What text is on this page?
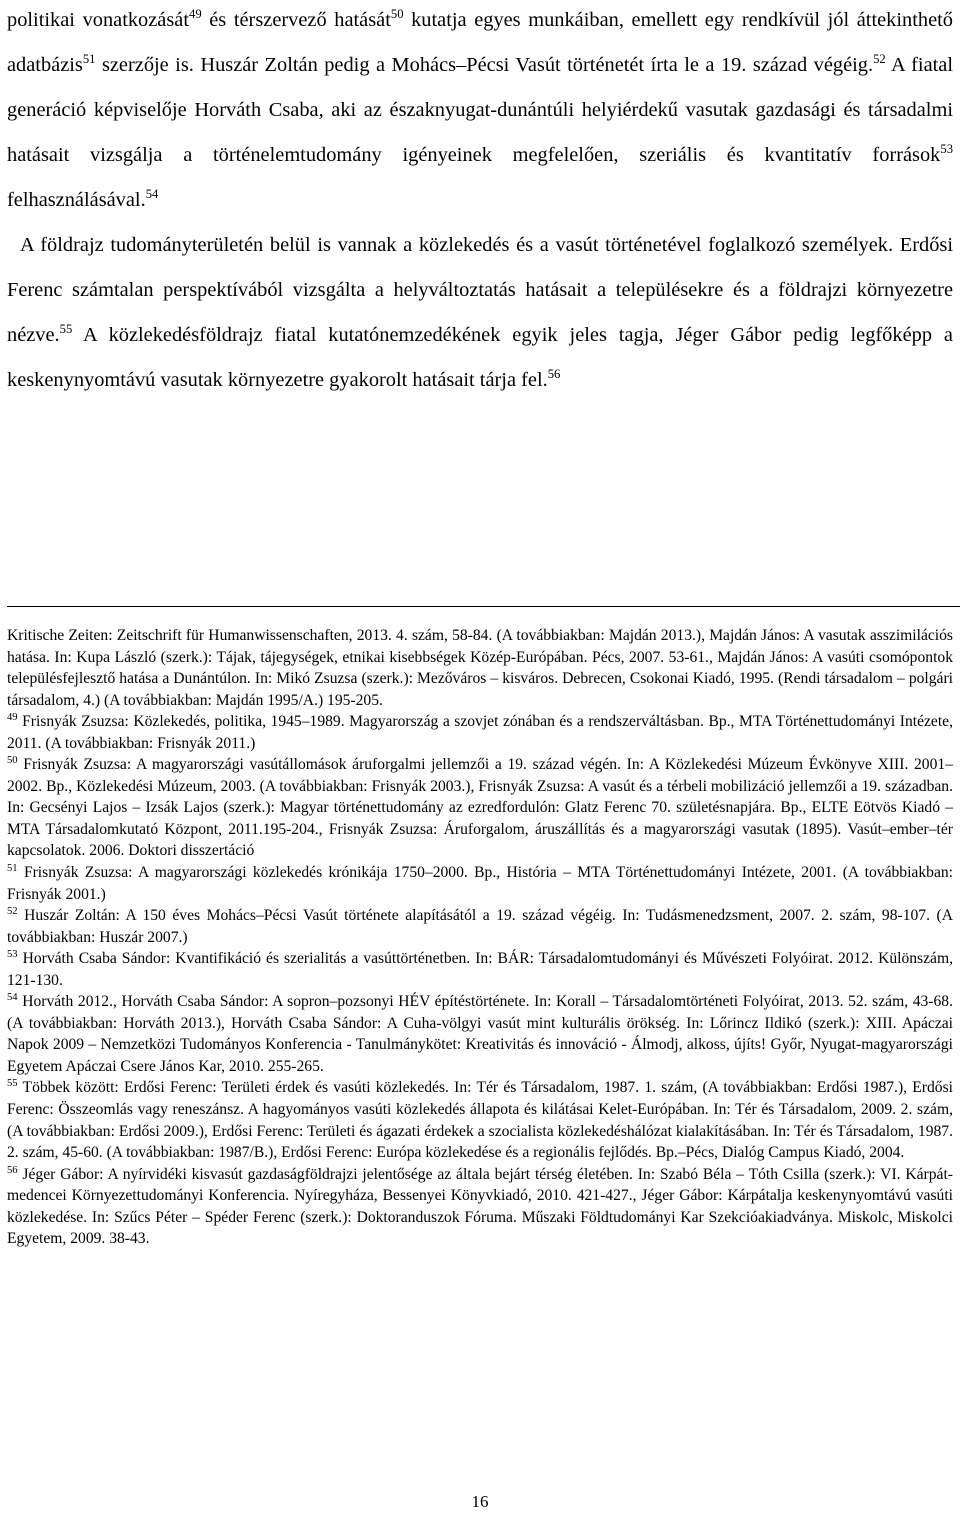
politikai vonatkozását$^{49}$ és térszervező hatását$^{50}$ kutatja egyes munkáiban, emellett egy rendkívül jól áttekinthető adatbázis$^{51}$ szerzője is. Huszár Zoltán pedig a Mohács–Pécsi Vasút történetét írta le a 19. század végéig.$^{52}$ A fiatal generáció képviselője Horváth Csaba, aki az északnyugat-dunántúli helyiérdekű vasutak gazdasági és társadalmi hatásait vizsgálja a történelemtudomány igényeinek megfelelően, szeriális és kvantitatív források$^{53}$ felhasználásával.$^{54}$

A földrajz tudományterületén belül is vannak a közlekedés és a vasút történetével foglalkozó személyek. Erdősi Ferenc számtalan perspektívából vizsgálta a helyváltoztatás hatásait a településekre és a földrajzi környezetre nézve.$^{55}$ A közlekedésföldrajz fiatal kutatónemzedékének egyik jeles tagja, Jéger Gábor pedig legfőképp a keskenynyomtávú vasutak környezetre gyakorolt hatásait tárja fel.$^{56}$

Kritische Zeiten: Zeitschrift für Humanwissenschaften, 2013. 4. szám, 58-84. (A továbbiakban: Majdán 2013.), Majdán János: A vasutak asszimilációs hatása. In: Kupa László (szerk.): Tájak, tájegységek, etnikai kisebbségek Közép-Európában. Pécs, 2007. 53-61., Majdán János: A vasúti csomópontok településfejlesztő hatása a Dunántúlon. In: Mikó Zsuzsa (szerk.): Mezőváros – kisváros. Debrecen, Csokonai Kiadó, 1995. (Rendi társadalom – polgári társadalom, 4.) (A továbbiakban: Majdán 1995/A.) 195-205.

$^{49}$ Frisnyák Zsuzsa: Közlekedés, politika, 1945–1989. Magyarország a szovjet zónában és a rendszerváltásban. Bp., MTA Történettudományi Intézete, 2011. (A továbbiakban: Frisnyák 2011.)

$^{50}$ Frisnyák Zsuzsa: A magyarországi vasútállomások áruforgalmi jellemzői a 19. század végén. In: A Közlekedési Múzeum Évkönyve XIII. 2001–2002. Bp., Közlekedési Múzeum, 2003. (A továbbiakban: Frisnyák 2003.), Frisnyák Zsuzsa: A vasút és a térbeli mobilizáció jellemzői a 19. században. In: Gecsényi Lajos – Izsák Lajos (szerk.): Magyar történettudomány az ezredfordulón: Glatz Ferenc 70. születésnapjára. Bp., ELTE Eötvös Kiadó – MTA Társadalomkutató Központ, 2011.195-204., Frisnyák Zsuzsa: Áruforgalom, áruszállítás és a magyarországi vasutak (1895). Vasút–ember–tér kapcsolatok. 2006. Doktori disszertáció

$^{51}$ Frisnyák Zsuzsa: A magyarországi közlekedés krónikája 1750–2000. Bp., História – MTA Történettudományi Intézete, 2001. (A továbbiakban: Frisnyák 2001.)

$^{52}$ Huszár Zoltán: A 150 éves Mohács–Pécsi Vasút története alapításától a 19. század végéig. In: Tudásmenedzsment, 2007. 2. szám, 98-107. (A továbbiakban: Huszár 2007.)

$^{53}$ Horváth Csaba Sándor: Kvantifikáció és szerialitás a vasúttörténetben. In: BÁR: Társadalomtudományi és Művészeti Folyóirat. 2012. Különszám, 121-130.

$^{54}$ Horváth 2012., Horváth Csaba Sándor: A sopron–pozsonyi HÉV építéstörténete. In: Korall – Társadalomtörténeti Folyóirat, 2013. 52. szám, 43-68. (A továbbiakban: Horváth 2013.), Horváth Csaba Sándor: A Cuha-völgyi vasút mint kulturális örökség. In: Lőrincz Ildikó (szerk.): XIII. Apáczai Napok 2009 – Nemzetközi Tudományos Konferencia - Tanulmánykötet: Kreativitás és innováció - Álmodj, alkoss, újíts! Győr, Nyugat-magyarországi Egyetem Apáczai Csere János Kar, 2010. 255-265.

$^{55}$ Többek között: Erdősi Ferenc: Területi érdek és vasúti közlekedés. In: Tér és Társadalom, 1987. 1. szám, (A továbbiakban: Erdősi 1987.), Erdősi Ferenc: Összeomlás vagy reneszánsz. A hagyományos vasúti közlekedés állapota és kilátásai Kelet-Európában. In: Tér és Társadalom, 2009. 2. szám, (A továbbiakban: Erdősi 2009.), Erdősi Ferenc: Területi és ágazati érdekek a szocialista közlekedéshálózat kialakításában. In: Tér és Társadalom, 1987. 2. szám, 45-60. (A továbbiakban: 1987/B.), Erdősi Ferenc: Európa közlekedése és a regionális fejlődés. Bp.–Pécs, Dialóg Campus Kiadó, 2004.

$^{56}$ Jéger Gábor: A nyírvidéki kisvasút gazdaságföldrajzi jelentősége az általa bejárt térség életében. In: Szabó Béla – Tóth Csilla (szerk.): VI. Kárpát-medencei Környezettudományi Konferencia. Nyíregyháza, Bessenyei Könyvkiadó, 2010. 421-427., Jéger Gábor: Kárpátalja keskenynyomtávú vasúti közlekedése. In: Szűcs Péter – Spéder Ferenc (szerk.): Doktoranduszok Fóruma. Műszaki Földtudományi Kar Szekcióakiadványa. Miskolc, Miskolci Egyetem, 2009. 38-43.

16
